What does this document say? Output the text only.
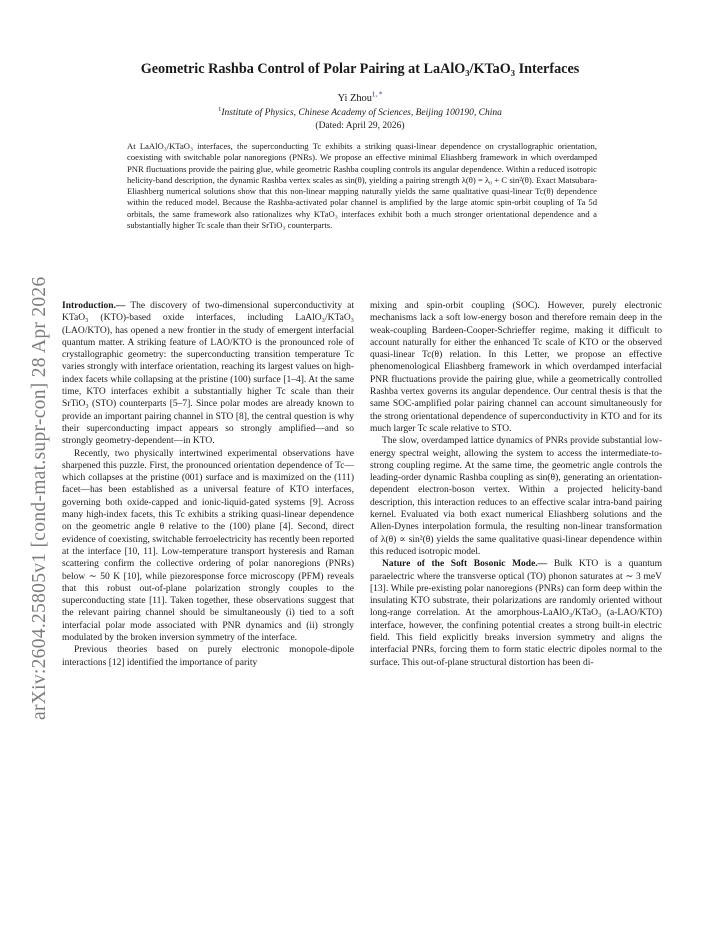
arXiv:2604.25805v1 [cond-mat.supr-con] 28 Apr 2026
Geometric Rashba Control of Polar Pairing at LaAlO₃/KTaO₃ Interfaces
Yi Zhou$^{1, *}$
$^1$Institute of Physics, Chinese Academy of Sciences, Beijing 100190, China
(Dated: April 29, 2026)
At LaAlO₃/KTaO₃ interfaces, the superconducting Tc exhibits a striking quasi-linear dependence on crystallographic orientation, coexisting with switchable polar nanoregions (PNRs). We propose an effective minimal Eliashberg framework in which overdamped PNR fluctuations provide the pairing glue, while geometric Rashba coupling controls its angular dependence. Within a reduced isotropic helicity-band description, the dynamic Rashba vertex scales as sin(θ), yielding a pairing strength λ(θ) = λ₀ + C sin²(θ). Exact Matsubara-Eliashberg numerical solutions show that this non-linear mapping naturally yields the same qualitative quasi-linear Tc(θ) dependence within the reduced model. Because the Rashba-activated polar channel is amplified by the large atomic spin-orbit coupling of Ta 5d orbitals, the same framework also rationalizes why KTaO₃ interfaces exhibit both a much stronger orientational dependence and a substantially higher Tc scale than their SrTiO₃ counterparts.

Introduction.— The discovery of two-dimensional superconductivity at KTaO₃ (KTO)-based oxide interfaces, including LaAlO₃/KTaO₃ (LAO/KTO), has opened a new frontier in the study of emergent interfacial quantum matter. A striking feature of LAO/KTO is the pronounced role of crystallographic geometry: the superconducting transition temperature Tc varies strongly with interface orientation, reaching its largest values on high-index facets while collapsing at the pristine (100) surface [1–4]. At the same time, KTO interfaces exhibit a substantially higher Tc scale than their SrTiO₃ (STO) counterparts [5–7]. Since polar modes are already known to provide an important pairing channel in STO [8], the central question is why their superconducting impact appears so strongly amplified—and so strongly geometry-dependent—in KTO.

Recently, two physically intertwined experimental observations have sharpened this puzzle. First, the pronounced orientation dependence of Tc—which collapses at the pristine (001) surface and is maximized on the (111) facet—has been established as a universal feature of KTO interfaces, governing both oxide-capped and ionic-liquid-gated systems [9]. Across many high-index facets, this Tc exhibits a striking quasi-linear dependence on the geometric angle θ relative to the (100) plane [4]. Second, direct evidence of coexisting, switchable ferroelectricity has recently been reported at the interface [10, 11]. Low-temperature transport hysteresis and Raman scattering confirm the collective ordering of polar nanoregions (PNRs) below ∼ 50 K [10], while piezoresponse force microscopy (PFM) reveals that this robust out-of-plane polarization strongly couples to the superconducting state [11]. Taken together, these observations suggest that the relevant pairing channel should be simultaneously (i) tied to a soft interfacial polar mode associated with PNR dynamics and (ii) strongly modulated by the broken inversion symmetry of the interface.

Previous theories based on purely electronic monopole-dipole interactions [12] identified the importance of parity

mixing and spin-orbit coupling (SOC). However, purely electronic mechanisms lack a soft low-energy boson and therefore remain deep in the weak-coupling Bardeen-Cooper-Schrieffer regime, making it difficult to account naturally for either the enhanced Tc scale of KTO or the observed quasi-linear Tc(θ) relation. In this Letter, we propose an effective phenomenological Eliashberg framework in which overdamped interfacial PNR fluctuations provide the pairing glue, while a geometrically controlled Rashba vertex governs its angular dependence. Our central thesis is that the same SOC-amplified polar pairing channel can account simultaneously for the strong orientational dependence of superconductivity in KTO and for its much larger Tc scale relative to STO.

The slow, overdamped lattice dynamics of PNRs provide substantial low-energy spectral weight, allowing the system to access the intermediate-to-strong coupling regime. At the same time, the geometric angle controls the leading-order dynamic Rashba coupling as sin(θ), generating an orientation-dependent electron-boson vertex. Within a projected helicity-band description, this interaction reduces to an effective scalar intra-band pairing kernel. Evaluated via both exact numerical Eliashberg solutions and the Allen-Dynes interpolation formula, the resulting non-linear transformation of λ(θ) ∝ sin²(θ) yields the same qualitative quasi-linear dependence within this reduced isotropic model.

Nature of the Soft Bosonic Mode.— Bulk KTO is a quantum paraelectric where the transverse optical (TO) phonon saturates at ∼ 3 meV [13]. While pre-existing polar nanoregions (PNRs) can form deep within the insulating KTO substrate, their polarizations are randomly oriented without long-range correlation. At the amorphous-LaAlO₃/KTaO₃ (a-LAO/KTO) interface, however, the confining potential creates a strong built-in electric field. This field explicitly breaks inversion symmetry and aligns the interfacial PNRs, forcing them to form static electric dipoles normal to the surface. This out-of-plane structural distortion has been di-
